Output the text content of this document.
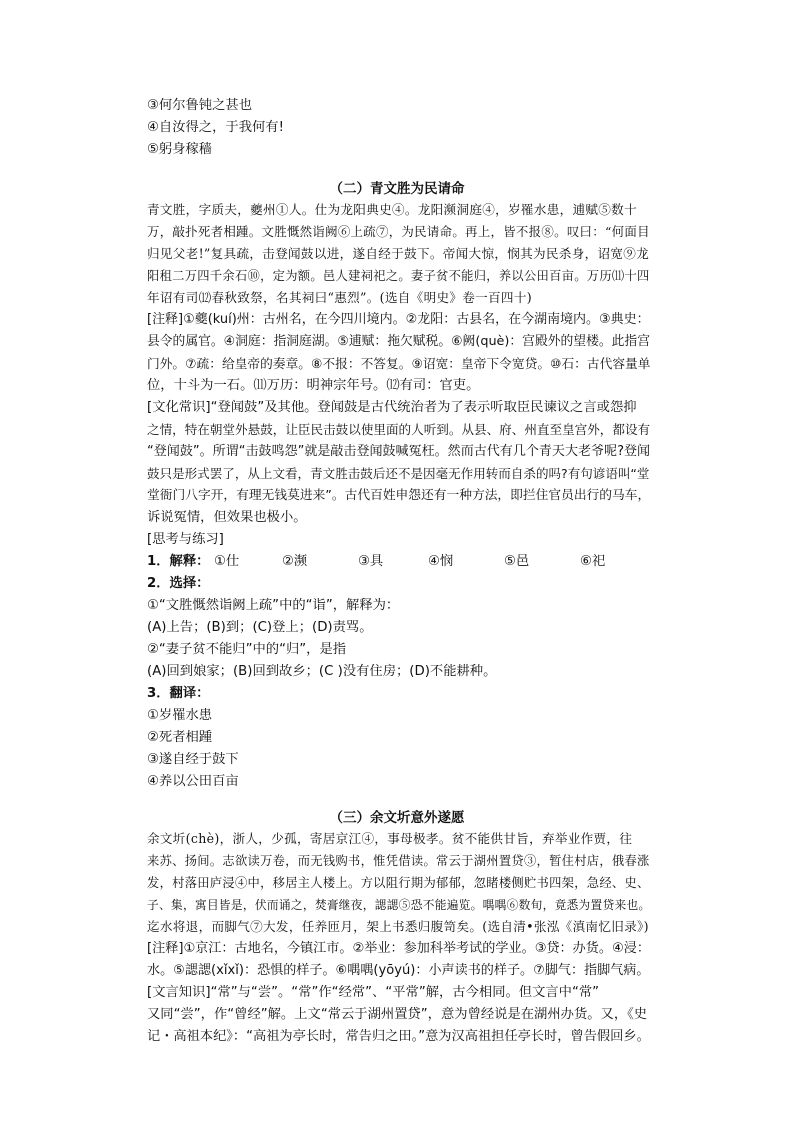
③何尔鲁钝之甚也
④自汝得之，于我何有!
⑤躬身稼穑
（二）青文胜为民请命
青文胜，字质夫，夔州①人。仕为龙阳典史④。龙阳濒洞庭④，岁罹水患，逋赋⑤数十
万，敲扑死者相踵。文胜慨然诣阙⑥上疏⑦，为民请命。再上，皆不报⑧。叹曰：“何面目
归见父老!”复具疏，击登闻鼓以进，遂自经于鼓下。帝闻大惊，悯其为民杀身，诏宽⑨龙
阳租二万四千余石⑩，定为额。邑人建祠祀之。妻子贫不能归，养以公田百亩。万历⑾十四
年诏有司⑿春秋致祭，名其祠曰“惠烈”。(选自《明史》卷一百四十)
[注释]①夔(kuí)州：古州名，在今四川境内。②龙阳：古县名，在今湖南境内。③典史：
县令的属官。④洞庭：指洞庭湖。⑤逋赋：拖欠赋税。⑥阙(què)：宫殿外的望楼。此指宫
门外。⑦疏：给皇帝的奏章。⑧不报：不答复。⑨诏宽：皇帝下令宽贷。⑩石：古代容量单
位，十斗为一石。⑾万历：明神宗年号。⑿有司：官吏。
[文化常识]“登闻鼓”及其他。登闻鼓是古代统治者为了表示听取臣民谏议之言或怨抑
之情，特在朝堂外悬鼓，让臣民击鼓以使里面的人听到。从县、府、州直至皇宫外，都设有
“登闻鼓”。所谓“击鼓鸣怨”就是敲击登闻鼓喊冤枉。然而古代有几个青天大老爷呢?登闻
鼓只是形式罢了，从上文看，青文胜击鼓后还不是因毫无作用转而自杀的吗?有句谚语叫“堂
堂衙门八字开，有理无钱莫进来”。古代百姓申怨还有一种方法，即拦住官员出行的马车，
诉说冤情，但效果也极小。
[思考与练习]
1．解释： ①仕	②濒	③具	④悯	⑤邑	⑥祀
2．选择：
①“文胜慨然诣阙上疏”中的“诣”，解释为：
(A)上告；(B)到；(C)登上；(D)责骂。
②“妻子贫不能归”中的“归”，是指
(A)回到娘家；(B)回到故乡；(C )没有住房；(D)不能耕种。
3．翻译：
①岁罹水患
②死者相踵
③遂自经于鼓下
④养以公田百亩
（三）余文圻意外遂愿
余文圻(chè)，浙人，少孤，寄居京江④，事母极孝。贫不能供甘旨，弃举业作贾，往
来苏、扬间。志欲读万卷，而无钱购书，惟凭借读。常云于湖州置贷③，暂住村店，俄春涨
发，村落田庐浸④中，移居主人楼上。方以阻行期为郁郁，忽睹楼侧贮书四架，急经、史、
子、集，寓目皆是，伏而诵之，焚膏继夜，諰諰⑤恐不能遍览。喁喁⑥数旬，竟悉为置贷来也。
迄水将退，而脚气⑦大发，任养匝月，架上书悉归腹笥矣。(选自清•张泓《滇南忆旧录》)
[注释]①京江：古地名，今镇江市。②举业：参加科举考试的学业。③贷：办货。④浸：
水。⑤諰諰(xǐxǐ)：恐惧的样子。⑥喁喁(yōyú)：小声读书的样子。⑦脚气：指脚气病。
[文言知识]“常”与“尝”。“常”作“经常”、“平常”解，古今相同。但文言中“常”
又同“尝”，作“曾经”解。上文“常云于湖州置贷”，意为曾经说是在湖州办货。又，《史
记・高祖本纪》：“高祖为亭长时，常告归之田。”意为汉高祖担任亭长时，曾告假回乡。
